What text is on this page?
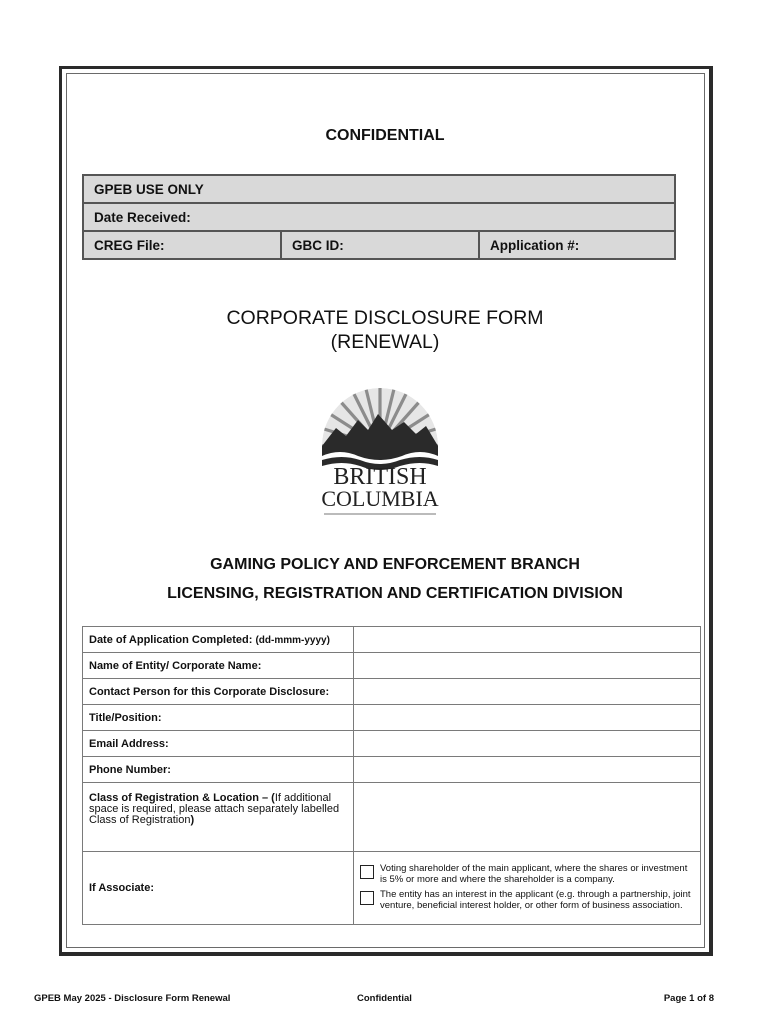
CONFIDENTIAL
GPEB USE ONLY
Date Received:
CREG File:	GBC ID:	Application #:
CORPORATE DISCLOSURE FORM
(RENEWAL)
BRITISH
COLUMBIA
GAMING POLICY AND ENFORCEMENT BRANCH
LICENSING, REGISTRATION AND CERTIFICATION DIVISION
Date of Application Completed: (dd-mmm-yyyy)	
Name of Entity/ Corporate Name:	
Contact Person for this Corporate Disclosure:	
Title/Position:	
Email Address:	
Phone Number:	
Class of Registration & Location – (If additional space is required, please attach separately labelled Class of Registration)	
If Associate:	Voting shareholder of the main applicant, where the shares or investment is 5% or more and where the shareholder is a company.
The entity has an interest in the applicant (e.g. through a partnership, joint venture, beneficial interest holder, or other form of business association.
GPEB May 2025 - Disclosure Form Renewal	Confidential	Page 1 of 8
